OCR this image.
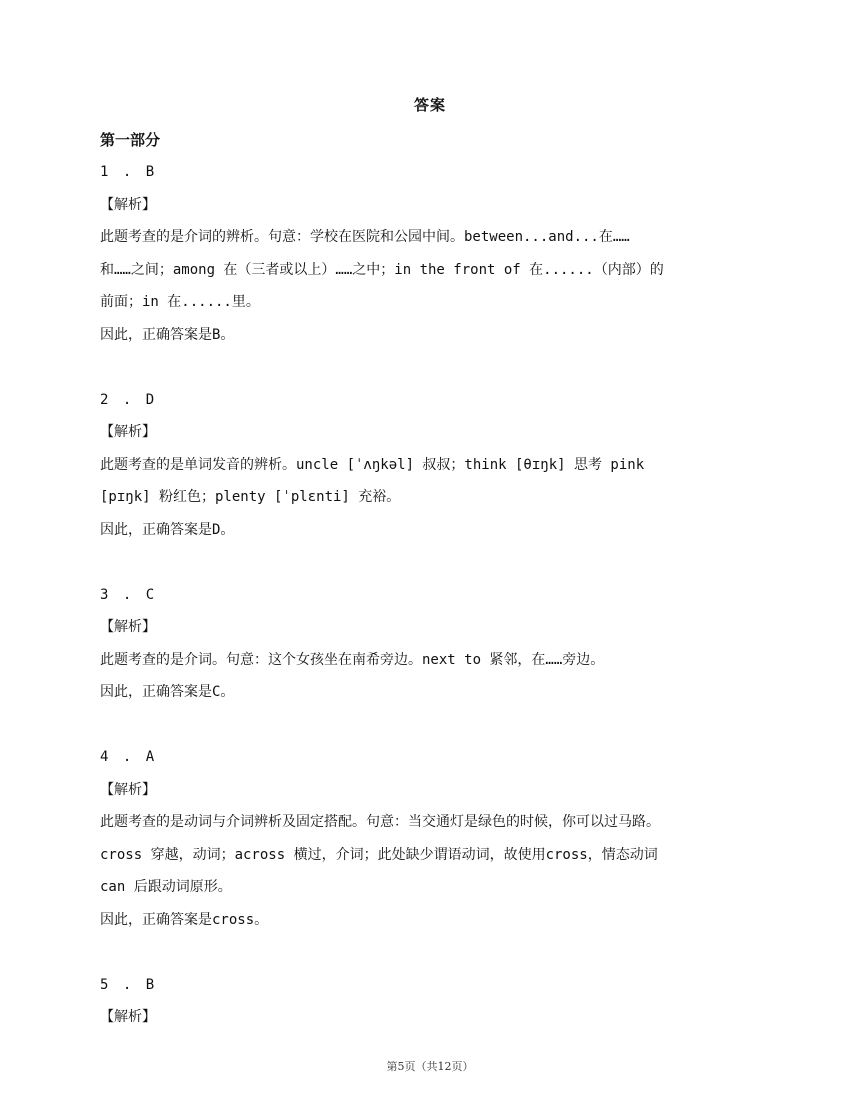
答案
第一部分
1 . B
【解析】
此题考查的是介词的辨析。句意：学校在医院和公园中间。between...and...在……
和……之间；among 在（三者或以上）……之中；in the front of 在......（内部）的
前面；in 在......里。
因此，正确答案是B。
2 . D
【解析】
此题考查的是单词发音的辨析。uncle [ˈʌŋkəl] 叔叔；think [θɪŋk] 思考 pink
[pɪŋk] 粉红色；plenty [ˈplɛnti] 充裕。
因此，正确答案是D。
3 . C
【解析】
此题考查的是介词。句意：这个女孩坐在南希旁边。next to 紧邻，在……旁边。
因此，正确答案是C。
4 . A
【解析】
此题考查的是动词与介词辨析及固定搭配。句意：当交通灯是绿色的时候，你可以过马路。
cross 穿越，动词；across 横过，介词；此处缺少谓语动词，故使用cross，情态动词
can 后跟动词原形。
因此，正确答案是cross。
5 . B
【解析】
第5页（共12页）
